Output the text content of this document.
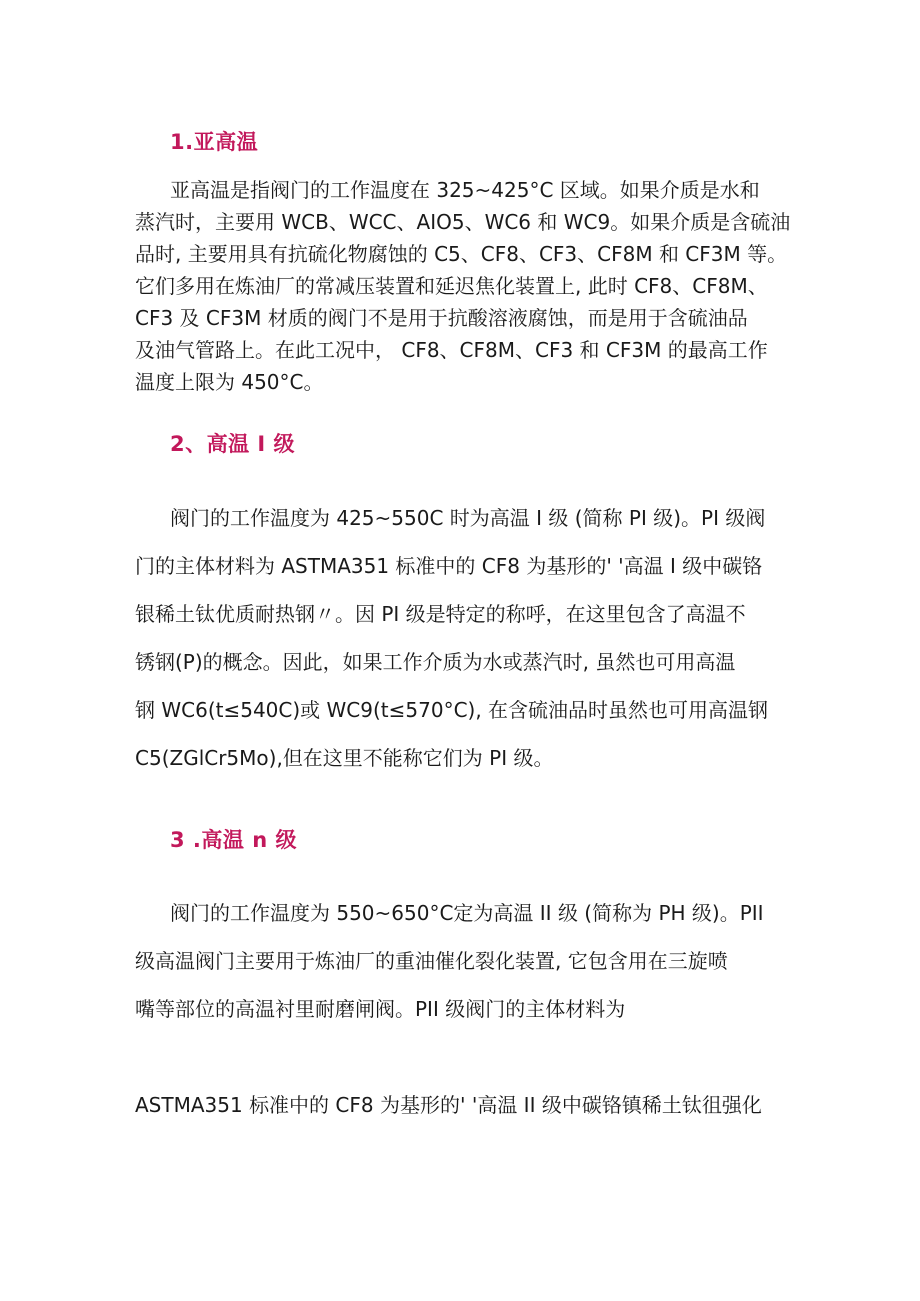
1.亚高温
亚高温是指阀门的工作温度在 325~425°C 区域。如果介质是水和
蒸汽时，主要用 WCB、WCC、AIO5、WC6 和 WC9。如果介质是含硫油
品时, 主要用具有抗硫化物腐蚀的 C5、CF8、CF3、CF8M 和 CF3M 等。
它们多用在炼油厂的常减压装置和延迟焦化装置上, 此时 CF8、CF8M、
CF3 及 CF3M 材质的阀门不是用于抗酸溶液腐蚀，而是用于含硫油品
及油气管路上。在此工况中， CF8、CF8M、CF3 和 CF3M 的最高工作
温度上限为 450°C。
2、高温 I 级
阀门的工作温度为 425~550C 时为高温 I 级 (简称 PI 级)。PI 级阀
门的主体材料为 ASTMA351 标准中的 CF8 为基形的' '高温 I 级中碳铬
银稀土钛优质耐热钢〃。因 PI 级是特定的称呼，在这里包含了高温不
锈钢(P)的概念。因此，如果工作介质为水或蒸汽时, 虽然也可用高温
钢 WC6(t≤540C)或 WC9(t≤570°C), 在含硫油品时虽然也可用高温钢
C5(ZGlCr5Mo),但在这里不能称它们为 PI 级。
3 .高温 n 级
阀门的工作温度为 550~650°C定为高温 II 级 (简称为 PH 级)。PII
级高温阀门主要用于炼油厂的重油催化裂化装置, 它包含用在三旋喷
嘴等部位的高温衬里耐磨闸阀。PII 级阀门的主体材料为
ASTMA351 标准中的 CF8 为基形的' '高温 II 级中碳铬镇稀土钛徂强化
